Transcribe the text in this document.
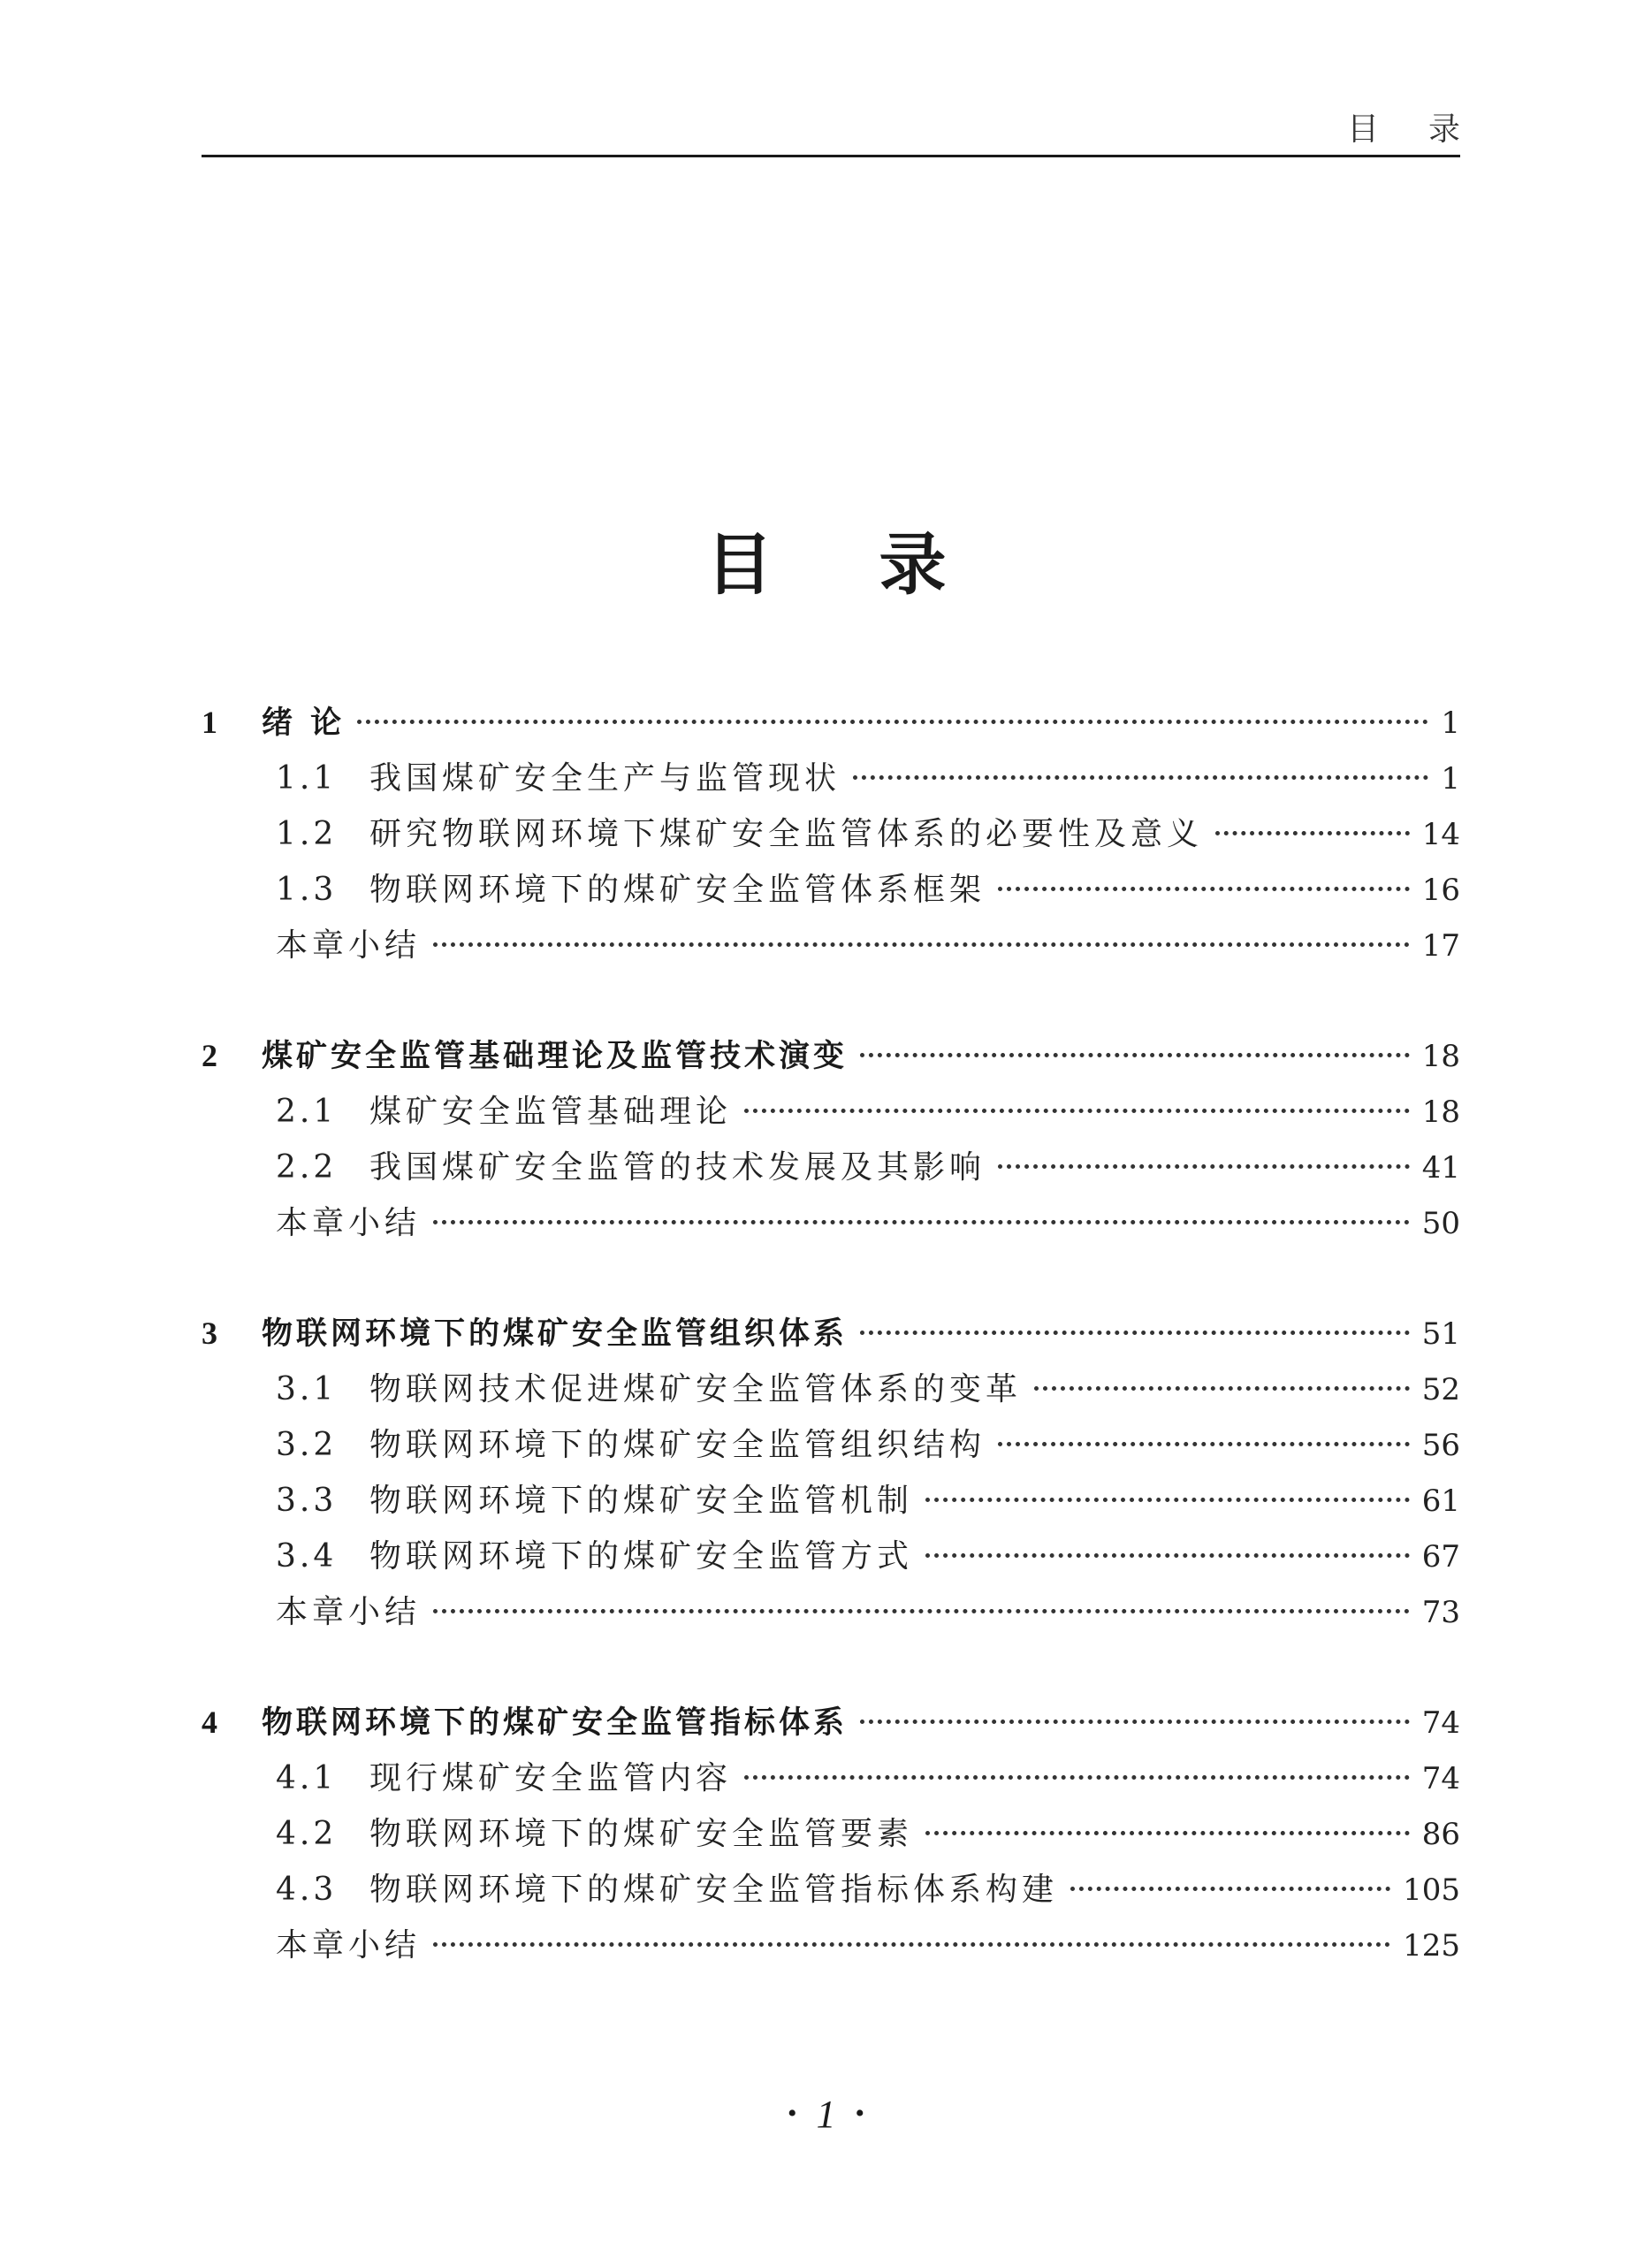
目录
目录
1	绪 论	1
1.1	我国煤矿安全生产与监管现状	1
1.2	研究物联网环境下煤矿安全监管体系的必要性及意义	14
1.3	物联网环境下的煤矿安全监管体系框架	16
本章小结	17
2	煤矿安全监管基础理论及监管技术演变	18
2.1	煤矿安全监管基础理论	18
2.2	我国煤矿安全监管的技术发展及其影响	41
本章小结	50
3	物联网环境下的煤矿安全监管组织体系	51
3.1	物联网技术促进煤矿安全监管体系的变革	52
3.2	物联网环境下的煤矿安全监管组织结构	56
3.3	物联网环境下的煤矿安全监管机制	61
3.4	物联网环境下的煤矿安全监管方式	67
本章小结	73
4	物联网环境下的煤矿安全监管指标体系	74
4.1	现行煤矿安全监管内容	74
4.2	物联网环境下的煤矿安全监管要素	86
4.3	物联网环境下的煤矿安全监管指标体系构建	105
本章小结	125
• 1 •
